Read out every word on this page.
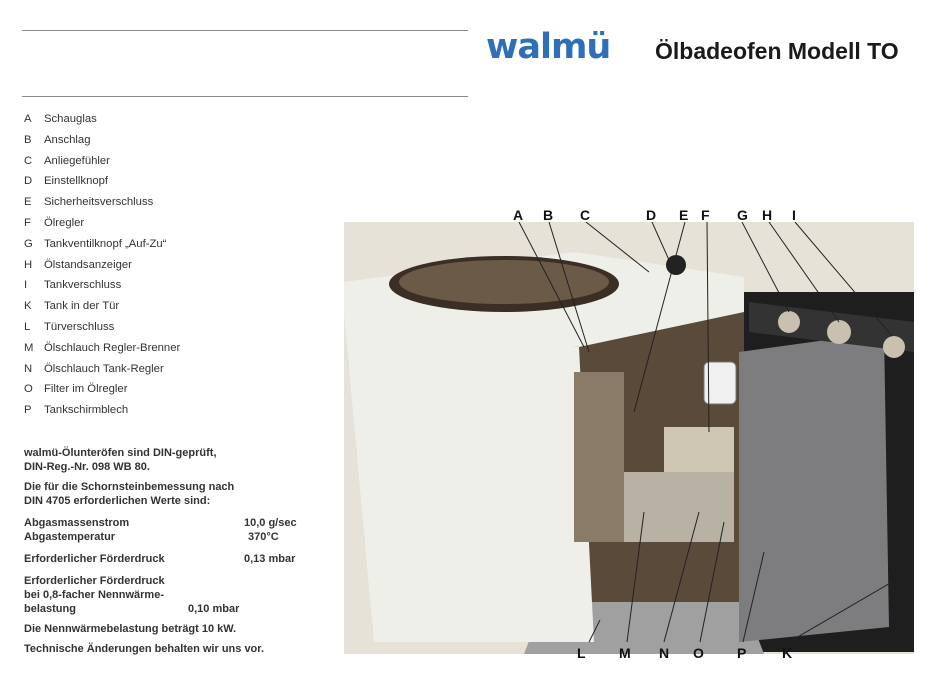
walmü Ölbadeofen Modell TO
A	Schauglas
B	Anschlag
C	Anliegefühler
D	Einstellknopf
E	Sicherheitsverschluss
F	Ölregler
G Tankventilknopf „Auf-Zu“
H	Ölstandsanzeiger
I	Tankverschluss
K	Tank in der Tür
L	Türverschluss
M Ölschlauch Regler-Brenner
N	Ölschlauch Tank-Regler
O Filter im Ölregler
P	Tankschirmblech

walmü-Ölunteröfen sind DIN-geprüft,
DIN-Reg.-Nr. 098 WB 80.

Die für die Schornsteinbemessung nach
DIN 4705 erforderlichen Werte sind:

Abgasmassenstrom	10,0 g/sec
Abgastemperatur	370°C
Erforderlicher Förderdruck	0,13 mbar
Erforderlicher Förderdruck
bei 0,8-facher Nennwärme-
belastung	0,10 mbar

Die Nennwärmebelastung beträgt 10 kW.

Technische Änderungen behalten wir uns vor.

A B C	D E F G H I
L M N O P	K
